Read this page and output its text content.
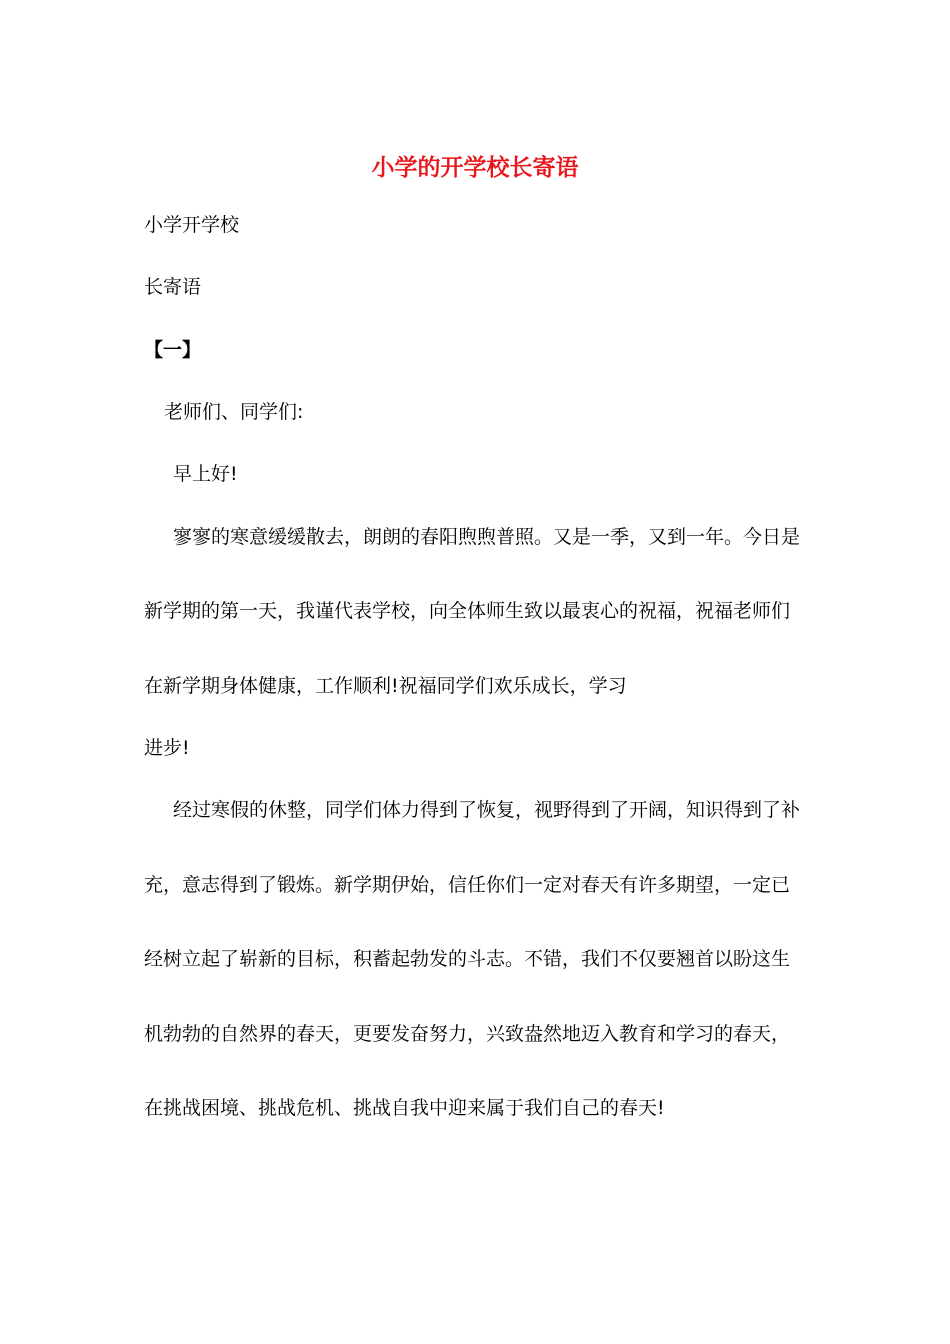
小学的开学校长寄语
小学开学校
长寄语
【一】
老师们、同学们:
早上好!
寥寥的寒意缓缓散去，朗朗的春阳煦煦普照。又是一季，又到一年。今日是
新学期的第一天，我谨代表学校，向全体师生致以最衷心的祝福，祝福老师们
在新学期身体健康，工作顺利!祝福同学们欢乐成长，学习
进步!
经过寒假的休整，同学们体力得到了恢复，视野得到了开阔，知识得到了补
充，意志得到了锻炼。新学期伊始，信任你们一定对春天有许多期望，一定已
经树立起了崭新的目标，积蓄起勃发的斗志。不错，我们不仅要翘首以盼这生
机勃勃的自然界的春天，更要发奋努力，兴致盎然地迈入教育和学习的春天，
在挑战困境、挑战危机、挑战自我中迎来属于我们自己的春天!
